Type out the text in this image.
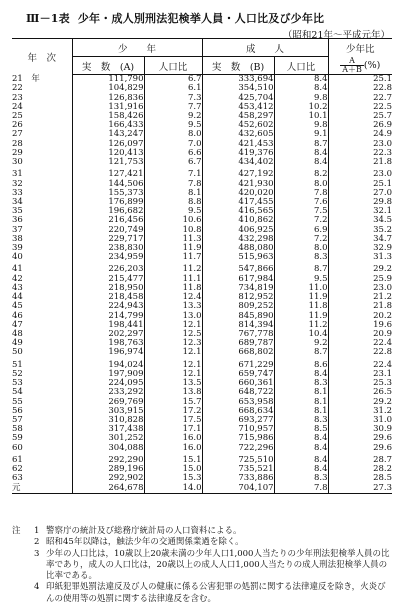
Ⅲ－1表 少年・成人別刑法犯検挙人員・人口比及び少年比
（昭和21年～平成元年）
年　次	少　　年		成　　人		少年比
	実　数　(A)	人口比	実　数　(B)	人口比	$\frac{A}{A+B}$ (%)
21　年	111,790	6.7	333,694	8.4	25.1
22	104,829	6.1	354,510	8.4	22.8
23	126,836	7.3	425,704	9.8	22.7
24	131,916	7.7	453,412	10.2	22.5
25	158,426	9.2	458,297	10.1	25.7
26	166,433	9.5	452,602	9.8	26.9
27	143,247	8.0	432,605	9.1	24.9
28	126,097	7.0	421,453	8.7	23.0
29	120,413	6.6	419,376	8.4	22.3
30	121,753	6.7	434,402	8.4	21.8
31	127,421	7.1	427,192	8.2	23.0
32	144,506	7.8	421,930	8.0	25.1
33	155,373	8.1	420,020	7.8	27.0
34	176,899	8.8	417,455	7.6	29.8
35	196,682	9.5	416,565	7.5	32.1
36	216,456	10.6	410,862	7.2	34.5
37	220,749	10.8	406,925	6.9	35.2
38	229,717	11.3	432,298	7.2	34.7
39	238,830	11.9	488,080	8.0	32.9
40	234,959	11.7	515,963	8.3	31.3
41	226,203	11.2	547,866	8.7	29.2
42	215,477	11.1	617,984	9.5	25.9
43	218,950	11.8	734,819	11.0	23.0
44	218,458	12.4	812,952	11.9	21.2
45	224,943	13.3	809,252	11.8	21.8
46	214,799	13.0	845,890	11.9	20.2
47	198,441	12.1	814,394	11.2	19.6
48	202,297	12.5	767,778	10.4	20.9
49	198,763	12.3	689,787	9.2	22.4
50	196,974	12.1	668,802	8.7	22.8
51	194,024	12.1	671,229	8.6	22.4
52	197,909	12.1	659,747	8.4	23.1
53	224,095	13.5	660,361	8.3	25.3
54	233,292	13.8	648,722	8.1	26.5
55	269,769	15.7	653,958	8.1	29.2
56	303,915	17.2	668,634	8.1	31.2
57	310,828	17.5	693,277	8.3	31.0
58	317,438	17.1	710,957	8.5	30.9
59	301,252	16.0	715,986	8.4	29.6
60	304,088	16.0	722,296	8.4	29.6
61	292,290	15.1	725,510	8.4	28.7
62	289,196	15.0	735,521	8.4	28.2
63	292,902	15.3	733,886	8.3	28.5
元	264,678	14.0	704,107	7.8	27.3
注	1 警察庁の統計及び総務庁統計局の人口資料による。
2 昭和45年以降は，触法少年の交通関係業過を除く。
3 少年の人口比は，10歳以上20歳未満の少年人口1,000人当たりの少年刑法犯検挙人員の比率であり，成人の人口比は，20歳以上の成人人口1,000人当たりの成人刑法犯検挙人員の比率である。
4 印紙犯罪処罰法違反及び人の健康に係る公害犯罪の処罰に関する法律違反を除き，火炎びんの使用等の処罰に関する法律違反を含む。
